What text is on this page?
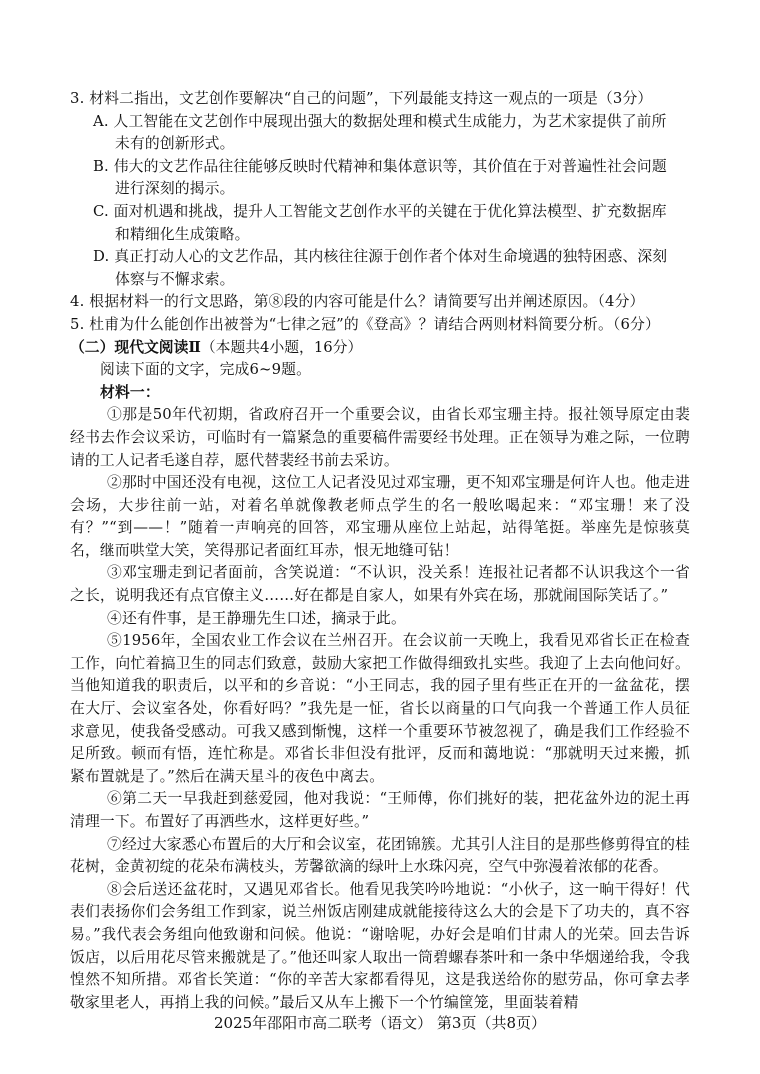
3. 材料二指出，文艺创作要解决“自己的问题”，下列最能支持这一观点的一项是（3分）
A. 人工智能在文艺创作中展现出强大的数据处理和模式生成能力，为艺术家提供了前所
未有的创新形式。
B. 伟大的文艺作品往往能够反映时代精神和集体意识等，其价值在于对普遍性社会问题
进行深刻的揭示。
C. 面对机遇和挑战，提升人工智能文艺创作水平的关键在于优化算法模型、扩充数据库
和精细化生成策略。
D. 真正打动人心的文艺作品，其内核往往源于创作者个体对生命境遇的独特困惑、深刻
体察与不懈求索。
4. 根据材料一的行文思路，第⑧段的内容可能是什么？请简要写出并阐述原因。（4分）
5. 杜甫为什么能创作出被誉为“七律之冠”的《登高》？请结合两则材料简要分析。（6分）
（二）现代文阅读Ⅱ（本题共4小题，16分）
阅读下面的文字，完成6~9题。
材料一：
①那是50年代初期，省政府召开一个重要会议，由省长邓宝珊主持。报社领导原定由裴经书去作会议采访，可临时有一篇紧急的重要稿件需要经书处理。正在领导为难之际，一位聘请的工人记者毛遂自荐，愿代替裴经书前去采访。
②那时中国还没有电视，这位工人记者没见过邓宝珊，更不知邓宝珊是何许人也。他走进会场，大步往前一站，对着名单就像教老师点学生的名一般吆喝起来：“邓宝珊！来了没有？”“到——！”随着一声响亮的回答，邓宝珊从座位上站起，站得笔挺。举座先是惊骇莫名，继而哄堂大笑，笑得那记者面红耳赤，恨无地缝可钻！
③邓宝珊走到记者面前，含笑说道：“不认识，没关系！连报社记者都不认识我这个一省之长，说明我还有点官僚主义……好在都是自家人，如果有外宾在场，那就闹国际笑话了。”
④还有件事，是王静珊先生口述，摘录于此。
⑤1956年，全国农业工作会议在兰州召开。在会议前一天晚上，我看见邓省长正在检查工作，向忙着搞卫生的同志们致意，鼓励大家把工作做得细致扎实些。我迎了上去向他问好。当他知道我的职责后，以平和的乡音说：“小王同志，我的园子里有些正在开的一盆盆花，摆在大厅、会议室各处，你看好吗？”我先是一怔，省长以商量的口气向我一个普通工作人员征求意见，使我备受感动。可我又感到惭愧，这样一个重要环节被忽视了，确是我们工作经验不足所致。顿而有悟，连忙称是。邓省长非但没有批评，反而和蔼地说：“那就明天过来搬，抓紧布置就是了。”然后在满天星斗的夜色中离去。
⑥第二天一早我赶到慈爱园，他对我说：“王师傅，你们挑好的装，把花盆外边的泥土再清理一下。布置好了再洒些水，这样更好些。”
⑦经过大家悉心布置后的大厅和会议室，花团锦簇。尤其引人注目的是那些修剪得宜的桂花树，金黄初绽的花朵布满枝头，芳馨欲滴的绿叶上水珠闪亮，空气中弥漫着浓郁的花香。
⑧会后送还盆花时，又遇见邓省长。他看见我笑吟吟地说：“小伙子，这一晌干得好！代表们表扬你们会务组工作到家，说兰州饭店刚建成就能接待这么大的会是下了功夫的，真不容易。”我代表会务组向他致谢和问候。他说：“谢啥呢，办好会是咱们甘肃人的光荣。回去告诉饭店，以后用花尽管来搬就是了。”他还叫家人取出一筒碧螺春茶叶和一条中华烟递给我，令我惶然不知所措。邓省长笑道：“你的辛苦大家都看得见，这是我送给你的慰劳品，你可拿去孝敬家里老人，再捎上我的问候。”最后又从车上搬下一个竹编筐笼，里面装着精
2025年邵阳市高二联考（语文） 第3页（共8页）
